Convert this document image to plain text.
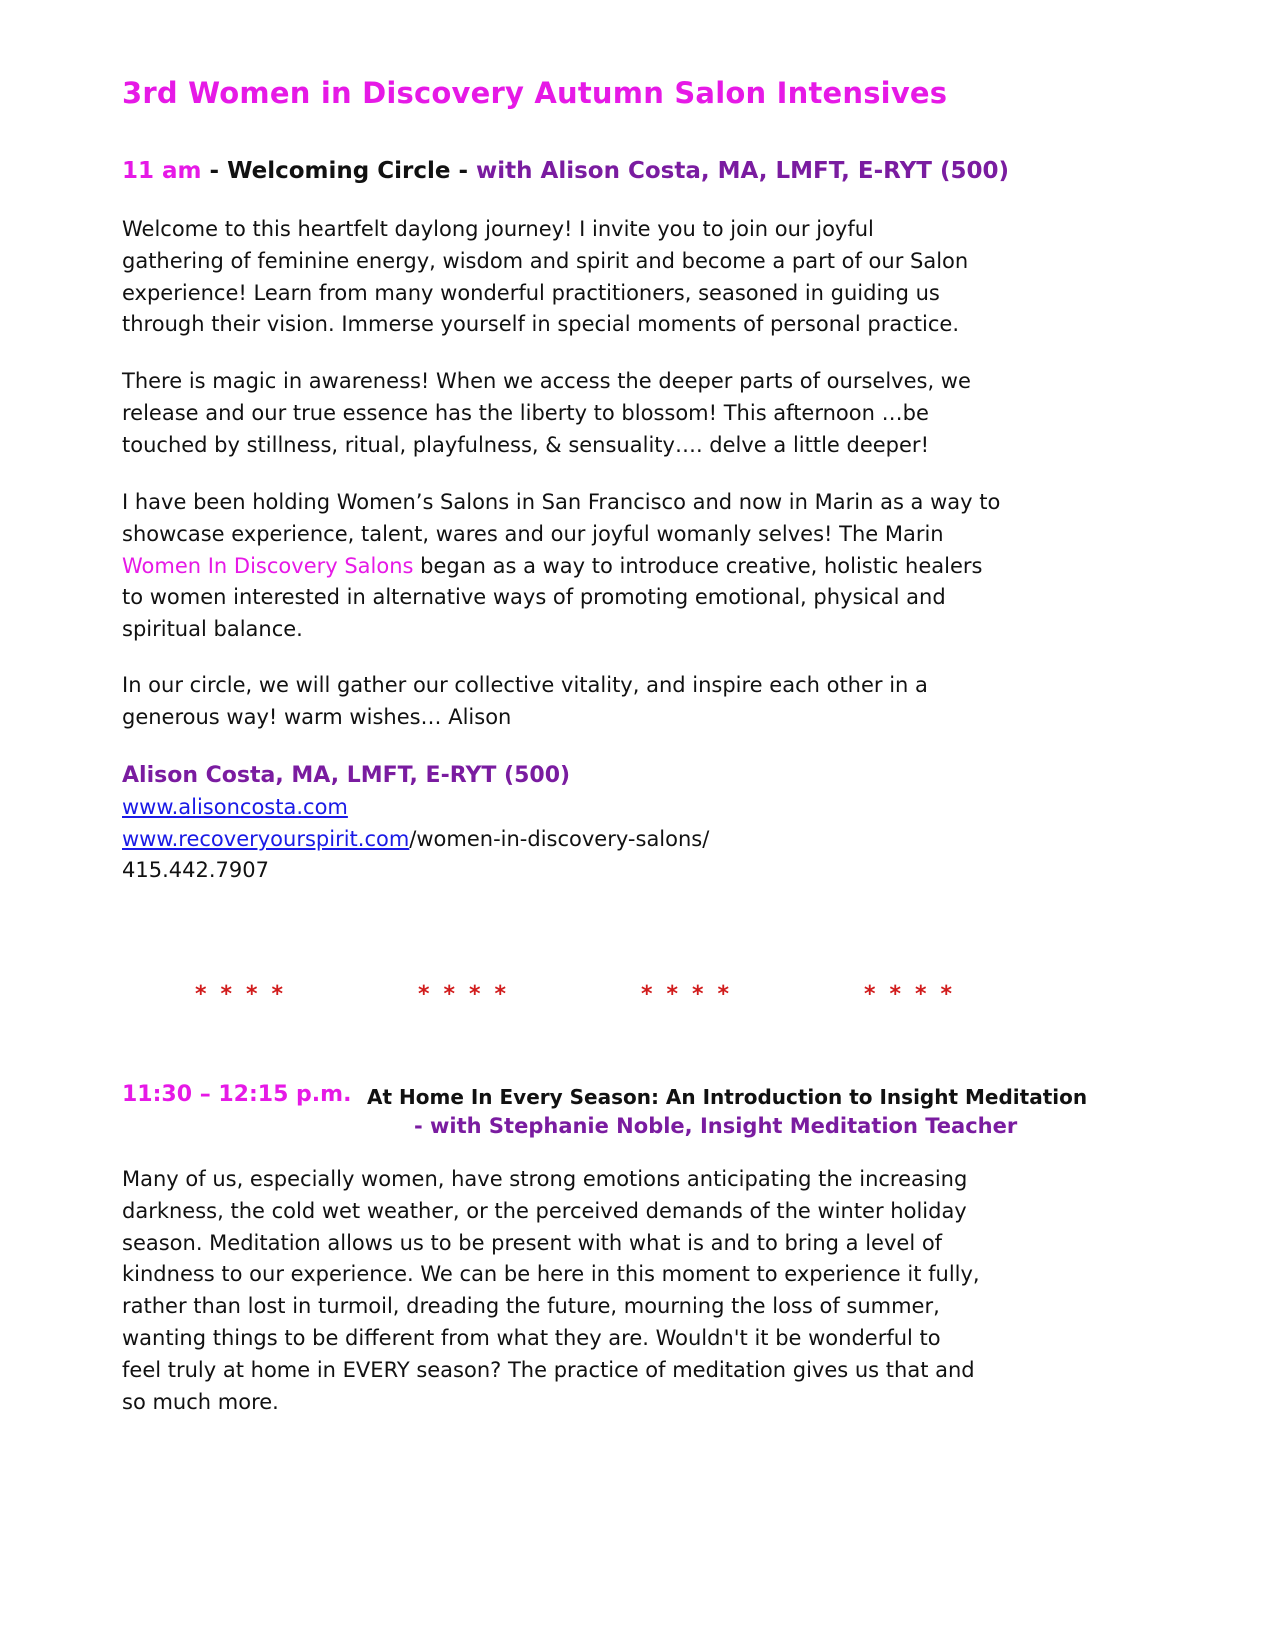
3rd Women in Discovery Autumn Salon Intensives
11 am - Welcoming Circle - with Alison Costa, MA, LMFT, E-RYT (500)
Welcome to this heartfelt daylong journey! I invite you to join our joyful
gathering of feminine energy, wisdom and spirit and become a part of our Salon
experience! Learn from many wonderful practitioners, seasoned in guiding us
through their vision. Immerse yourself in special moments of personal practice.
There is magic in awareness! When we access the deeper parts of ourselves, we
release and our true essence has the liberty to blossom! This afternoon …be
touched by stillness, ritual, playfulness, & sensuality…. delve a little deeper!
I have been holding Women’s Salons in San Francisco and now in Marin as a way to
showcase experience, talent, wares and our joyful womanly selves! The Marin
Women In Discovery Salons began as a way to introduce creative, holistic healers
to women interested in alternative ways of promoting emotional, physical and
spiritual balance.
In our circle, we will gather our collective vitality, and inspire each other in a
generous way! warm wishes… Alison
Alison Costa, MA, LMFT, E-RYT (500)
www.alisoncosta.com
www.recoveryourspirit.com/women-in-discovery-salons/
415.442.7907
* * * *	* * * *	* * * *	* * * *
11:30 – 12:15 p.m. At Home In Every Season: An Introduction to Insight Meditation
- with Stephanie Noble, Insight Meditation Teacher
Many of us, especially women, have strong emotions anticipating the increasing
darkness, the cold wet weather, or the perceived demands of the winter holiday
season. Meditation allows us to be present with what is and to bring a level of
kindness to our experience. We can be here in this moment to experience it fully,
rather than lost in turmoil, dreading the future, mourning the loss of summer,
wanting things to be different from what they are. Wouldn't it be wonderful to
feel truly at home in EVERY season? The practice of meditation gives us that and
so much more.
